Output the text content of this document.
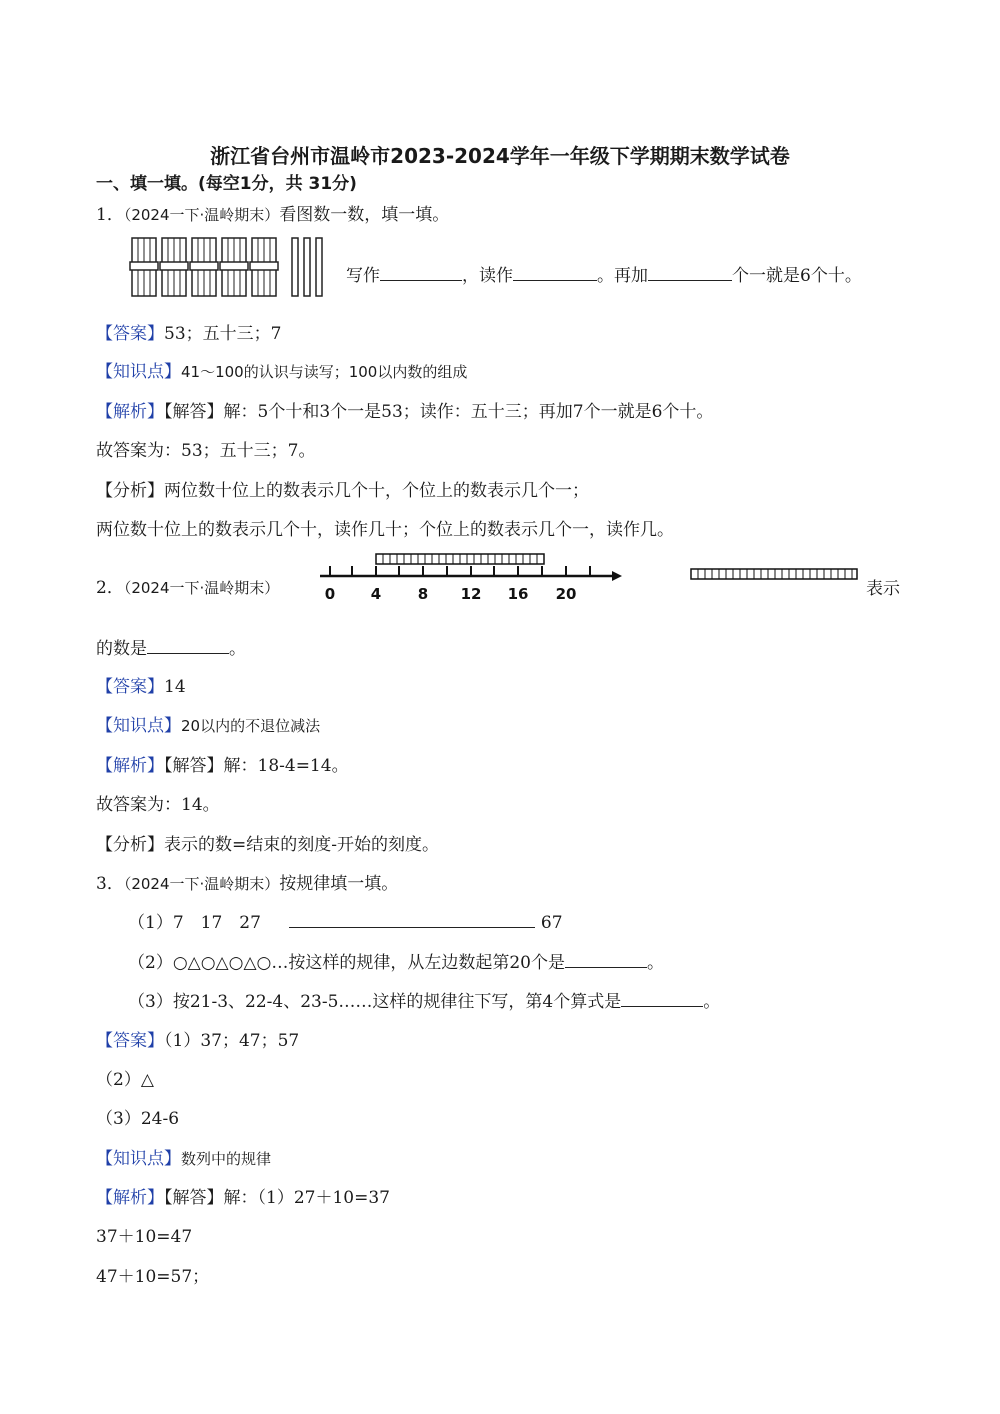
浙江省台州市温岭市2023-2024学年一年级下学期期末数学试卷
一、填一填。(每空1分，共 31分)
1．（2024一下·温岭期末）看图数一数，填一填。
写作	，读作	。再加	个一就是6个十。
【答案】53；五十三；7
【知识点】41～100的认识与读写；100以内数的组成
【解析】【解答】解：5个十和3个一是53；读作：五十三；再加7个一就是6个十。
故答案为：53；五十三；7。
【分析】两位数十位上的数表示几个十，个位上的数表示几个一；
两位数十位上的数表示几个十，读作几十；个位上的数表示几个一，读作几。
2．（2024一下·温岭期末）	0 4 8 12 16 20	表示
的数是	。
【答案】14
【知识点】20以内的不退位减法
【解析】【解答】解：18-4=14。
故答案为：14。
【分析】表示的数=结束的刻度-开始的刻度。
3．（2024一下·温岭期末）按规律填一填。
（1）7　17　27	67
（2）○△○△○△○…按这样的规律，从左边数起第20个是	。
（3）按21-3、22-4、23-5……这样的规律往下写，第4个算式是	。
【答案】（1）37；47；57
（2）△
（3）24-6
【知识点】数列中的规律
【解析】【解答】解：（1）27＋10=37
37＋10=47
47＋10=57；
